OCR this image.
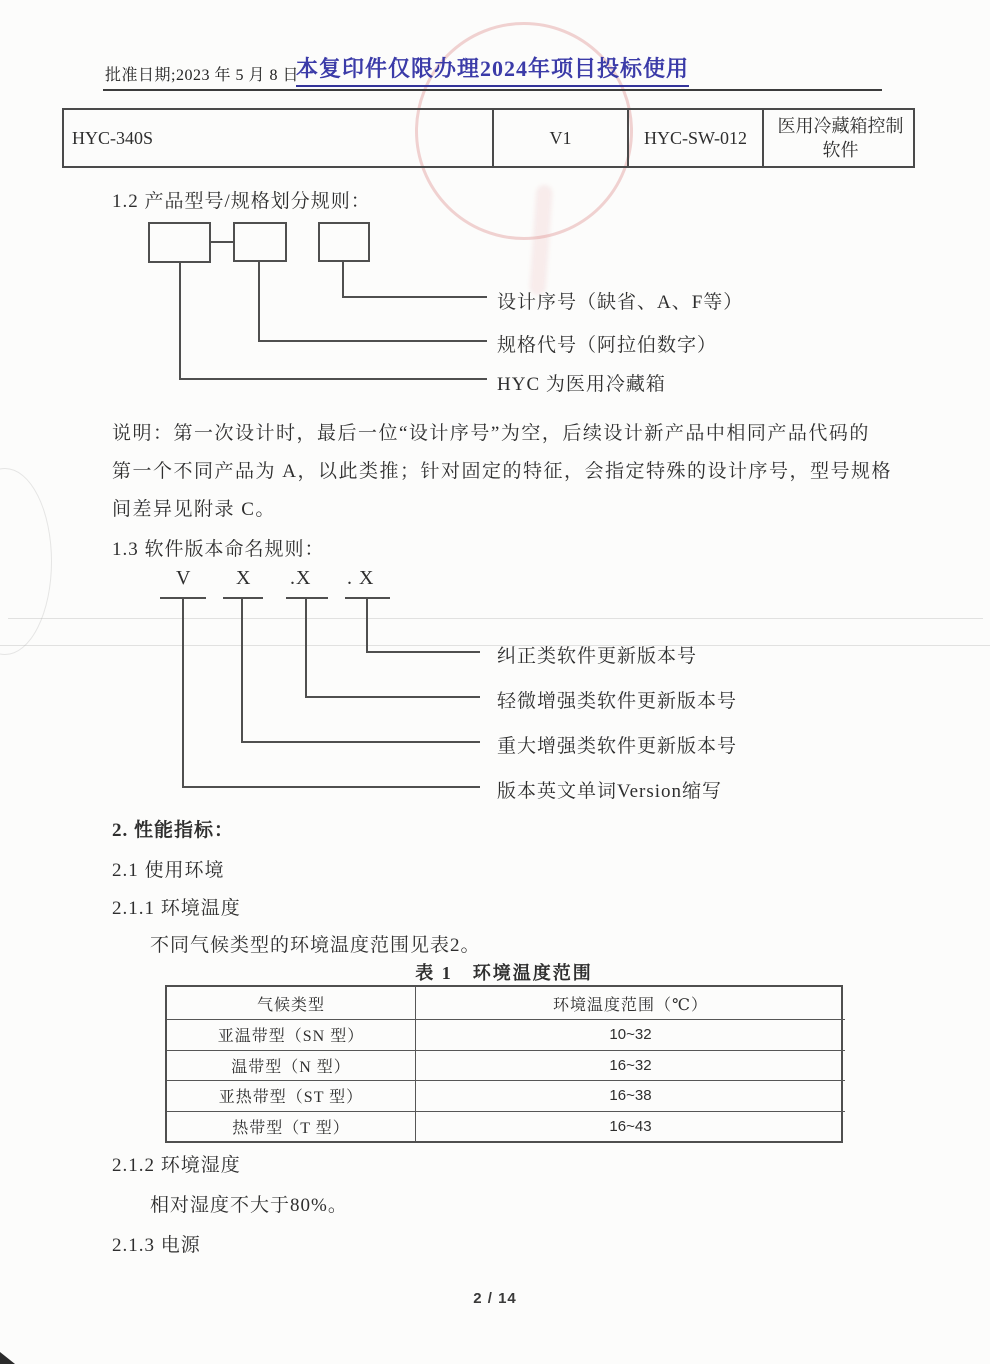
批准日期;2023 年 5 月 8 日
本复印件仅限办理2024年项目投标使用
HYC-340S	V1	HYC-SW-012
医用冷藏箱控制软件
1.2 产品型号/规格划分规则：
设计序号（缺省、A、F等）
规格代号（阿拉伯数字）
HYC 为医用冷藏箱
说明：第一次设计时，最后一位“设计序号”为空，后续设计新产品中相同产品代码的
第一个不同产品为 A，以此类推；针对固定的特征，会指定特殊的设计序号，型号规格
间差异见附录 C。
1.3 软件版本命名规则：
V X .X . X
纠正类软件更新版本号
轻微增强类软件更新版本号
重大增强类软件更新版本号
版本英文单词Version缩写
2. 性能指标：
2.1 使用环境
2.1.1 环境温度
不同气候类型的环境温度范围见表2。
表 1　环境温度范围
气候类型	环境温度范围（℃）
亚温带型（SN 型）	10~32
温带型（N 型）	16~32
亚热带型（ST 型）	16~38
热带型（T 型）	16~43
2.1.2 环境湿度
相对湿度不大于80%。
2.1.3 电源
2 / 14
